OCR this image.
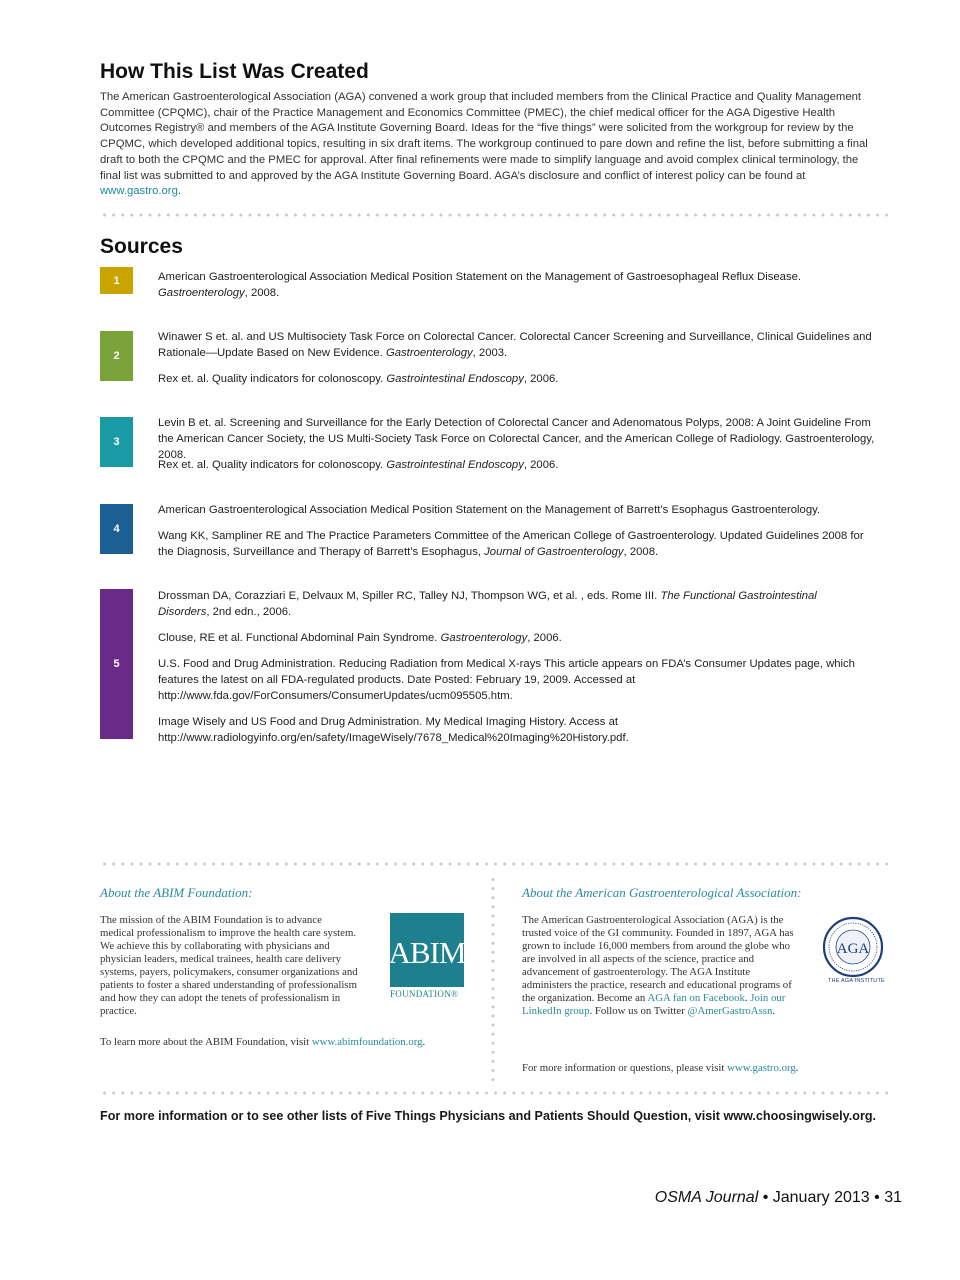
How This List Was Created

The American Gastroenterological Association (AGA) convened a work group that included members from the Clinical Practice and Quality Management Committee (CPQMC), chair of the Practice Management and Economics Committee (PMEC), the chief medical officer for the AGA Digestive Health Outcomes Registry® and members of the AGA Institute Governing Board. Ideas for the “five things” were solicited from the workgroup for review by the CPQMC, which developed additional topics, resulting in six draft items. The workgroup continued to pare down and refine the list, before submitting a final draft to both the CPQMC and the PMEC for approval. After final refinements were made to simplify language and avoid complex clinical terminology, the final list was submitted to and approved by the AGA Institute Governing Board. AGA’s disclosure and conflict of interest policy can be found at www.gastro.org.

Sources
1	American Gastroenterological Association Medical Position Statement on the Management of Gastroesophageal Reflux Disease.
Gastroenterology, 2008.
2
Winawer S et. al. and US Multisociety Task Force on Colorectal Cancer. Colorectal Cancer Screening and Surveillance, Clinical Guidelines and Rationale—Update Based on New Evidence. Gastroenterology, 2003.
Rex et. al. Quality indicators for colonoscopy. Gastrointestinal Endoscopy, 2006.
3
Levin B et. al. Screening and Surveillance for the Early Detection of Colorectal Cancer and Adenomatous Polyps, 2008: A Joint Guideline From the American Cancer Society, the US Multi-Society Task Force on Colorectal Cancer, and the American College of Radiology. Gastroenterology, 2008.
Rex et. al. Quality indicators for colonoscopy. Gastrointestinal Endoscopy, 2006.
4
American Gastroenterological Association Medical Position Statement on the Management of Barrett’s Esophagus Gastroenterology.
Wang KK, Sampliner RE and The Practice Parameters Committee of the American College of Gastroenterology. Updated Guidelines 2008 for the Diagnosis, Surveillance and Therapy of Barrett’s Esophagus, Journal of Gastroenterology, 2008.
5
Drossman DA, Corazziari E, Delvaux M, Spiller RC, Talley NJ, Thompson WG, et al. , eds. Rome III. The Functional Gastrointestinal Disorders, 2nd edn., 2006.
Clouse, RE et al. Functional Abdominal Pain Syndrome. Gastroenterology, 2006.
U.S. Food and Drug Administration. Reducing Radiation from Medical X-rays This article appears on FDA’s Consumer Updates page, which features the latest on all FDA-regulated products. Date Posted: February 19, 2009. Accessed at http://www.fda.gov/ForConsumers/ConsumerUpdates/ucm095505.htm.
Image Wisely and US Food and Drug Administration. My Medical Imaging History. Access at http://www.radiologyinfo.org/en/safety/ImageWisely/7678_Medical%20Imaging%20History.pdf.
About the ABIM Foundation:

The mission of the ABIM Foundation is to advance medical professionalism to improve the health care system. We achieve this by collaborating with physicians and physician leaders, medical trainees, health care delivery systems, payers, policymakers, consumer organizations and patients to foster a shared understanding of professionalism and how they can adopt the tenets of professionalism in practice.

To learn more about the ABIM Foundation, visit www.abimfoundation.org.

ABIM
FOUNDATION®
About the American Gastroenterological Association:

The American Gastroenterological Association (AGA) is the trusted voice of the GI community. Founded in 1897, AGA has grown to include 16,000 members from around the globe who are involved in all aspects of the science, practice and advancement of gastroenterology. The AGA Institute administers the practice, research and educational programs of the organization. Become an AGA fan on Facebook. Join our LinkedIn group. Follow us on Twitter @AmerGastroAssn.

For more information or questions, please visit www.gastro.org.

AGA
THE AGA INSTITUTE
For more information or to see other lists of Five Things Physicians and Patients Should Question, visit www.choosingwisely.org.
OSMA Journal • January 2013 • 31
